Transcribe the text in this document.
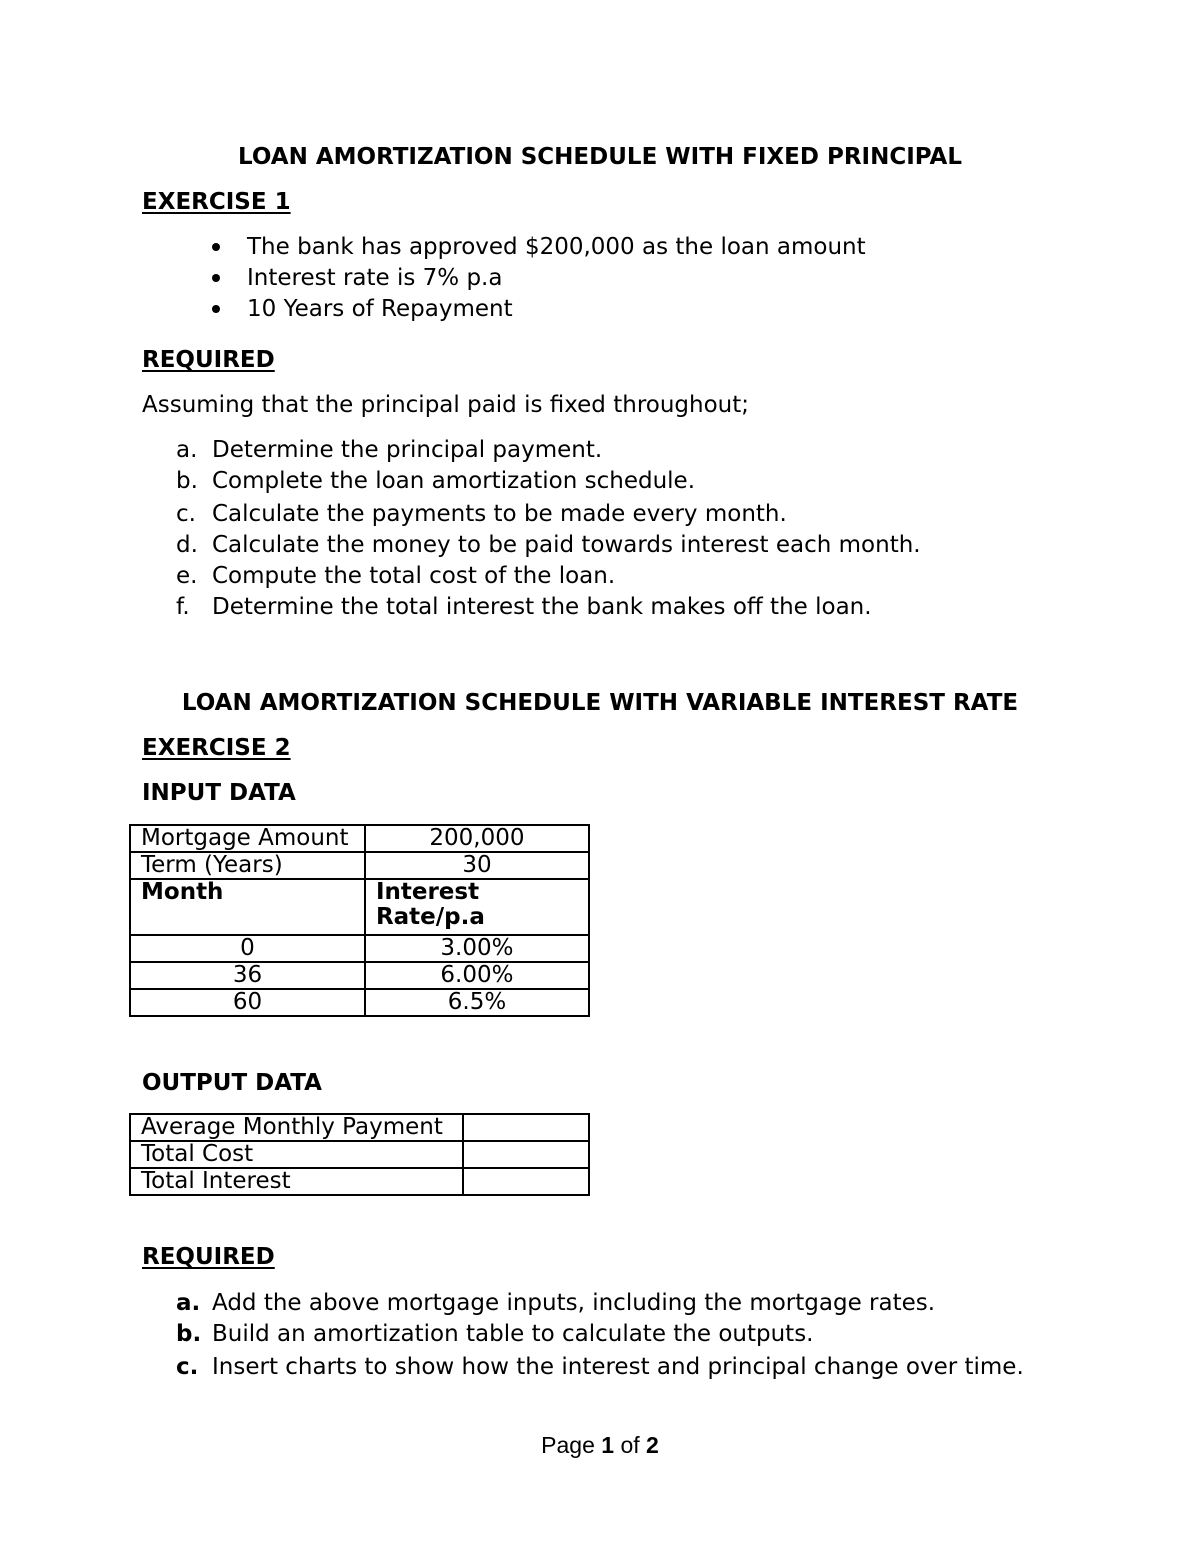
LOAN AMORTIZATION SCHEDULE WITH FIXED PRINCIPAL
EXERCISE 1
The bank has approved $200,000 as the loan amount
Interest rate is 7% p.a
10 Years of Repayment
REQUIRED
Assuming that the principal paid is fixed throughout;
a. Determine the principal payment.
b. Complete the loan amortization schedule.
c. Calculate the payments to be made every month.
d. Calculate the money to be paid towards interest each month.
e. Compute the total cost of the loan.
f. Determine the total interest the bank makes off the loan.
LOAN AMORTIZATION SCHEDULE WITH VARIABLE INTEREST RATE
EXERCISE 2
INPUT DATA
Mortgage Amount	200,000
Term (Years)	30
Month	Interest
Rate/p.a
0	3.00%
36	6.00%
60	6.5%
OUTPUT DATA
Average Monthly Payment	
Total Cost	
Total Interest	
REQUIRED
a. Add the above mortgage inputs, including the mortgage rates.
b. Build an amortization table to calculate the outputs.
c. Insert charts to show how the interest and principal change over time.
Page 1 of 2
